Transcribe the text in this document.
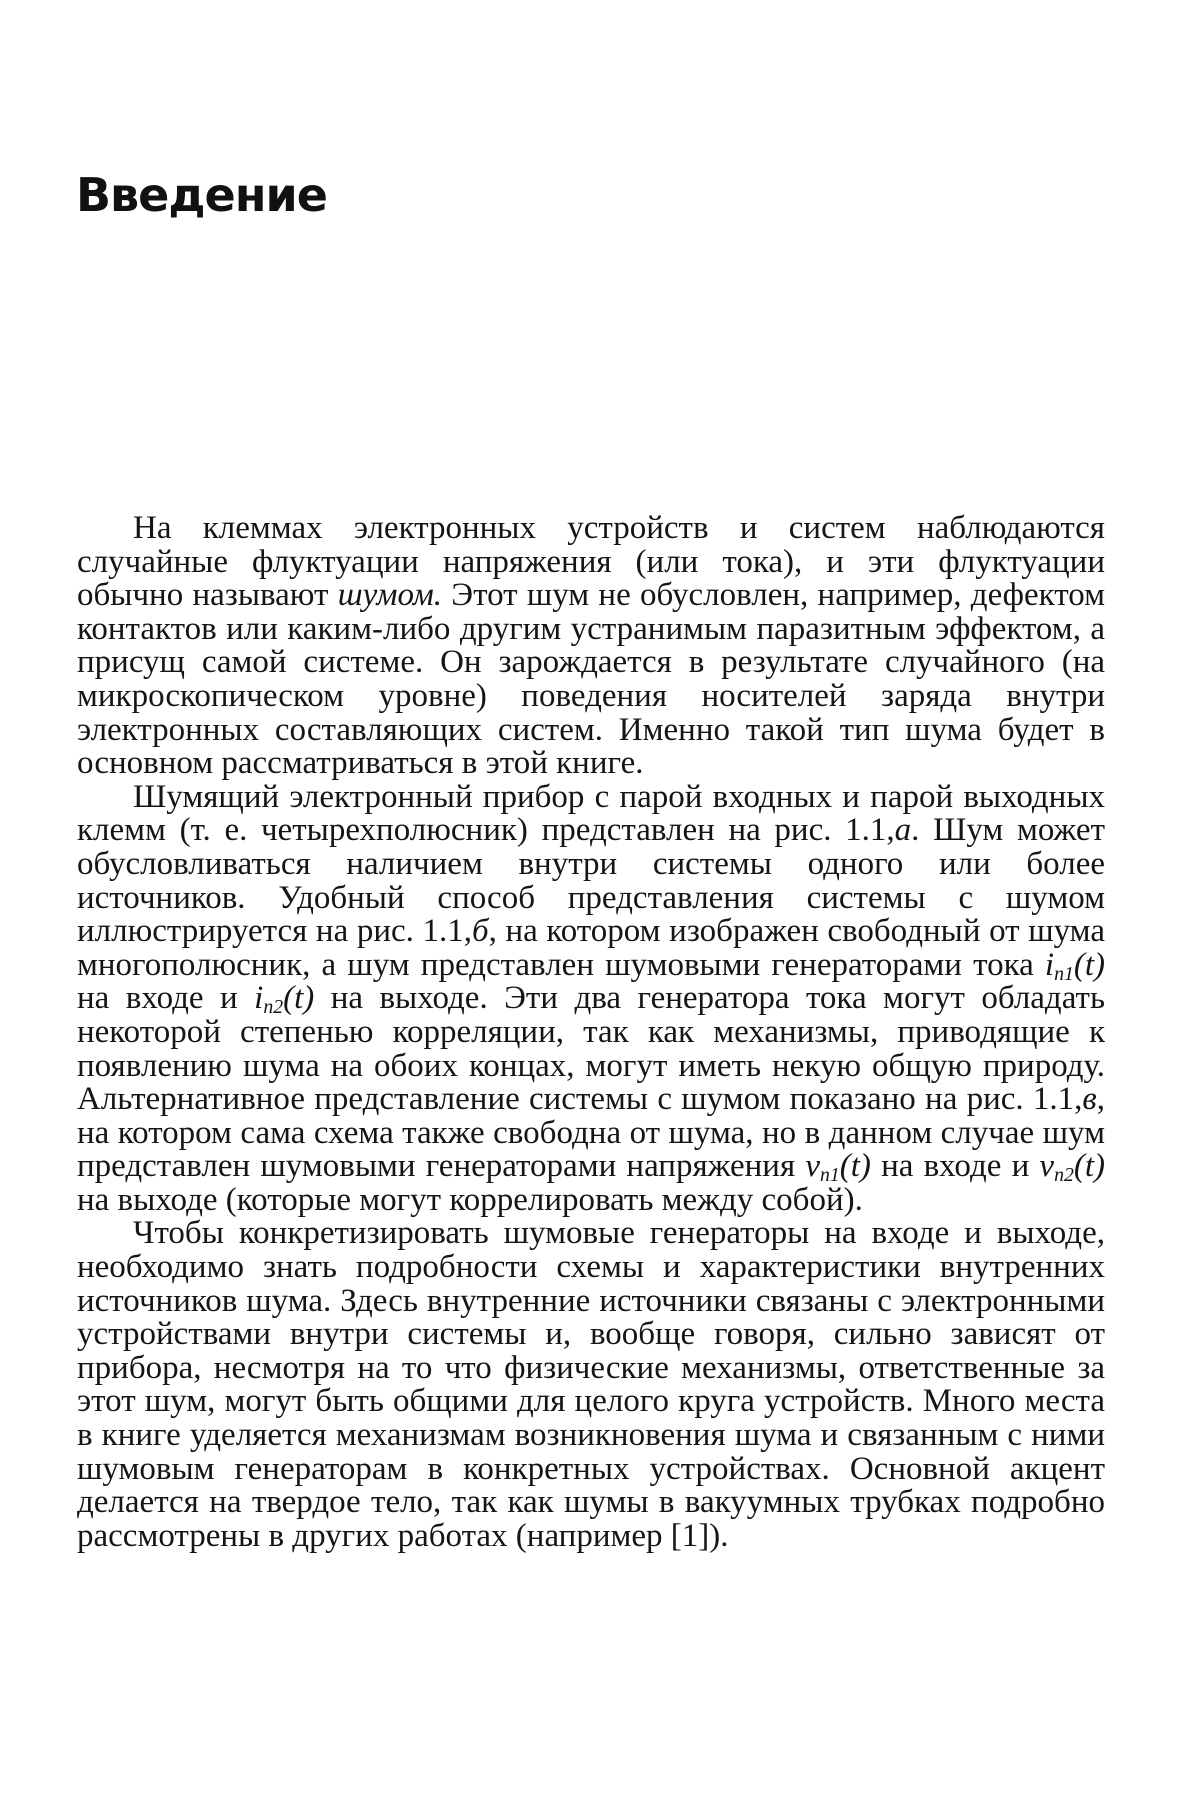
Введение

На клеммах электронных устройств и систем наблюдаются случайные флуктуации напряжения (или тока), и эти флуктуации обычно называют шумом. Этот шум не обусловлен, например, дефектом контактов или каким-либо другим устранимым паразитным эффектом, а присущ самой системе. Он зарождается в результате случайного (на микроскопическом уровне) поведения носителей заряда внутри электронных составляющих систем. Именно такой тип шума будет в основном рассматриваться в этой книге.

Шумящий электронный прибор с парой входных и парой выходных клемм (т. е. четырехполюсник) представлен на рис. 1.1,а. Шум может обусловливаться наличием внутри системы одного или более источников. Удобный способ представления системы с шумом иллюстрируется на рис. 1.1,б, на котором изображен свободный от шума многополюсник, а шум представлен шумовыми генераторами тока $i_{n1}(t)$ на входе и $i_{n2}(t)$ на выходе. Эти два генератора тока могут обладать некоторой степенью корреляции, так как механизмы, приводящие к появлению шума на обоих концах, могут иметь некую общую природу. Альтернативное представление системы с шумом показано на рис. 1.1,в, на котором сама схема также свободна от шума, но в данном случае шум представлен шумовыми генераторами напряжения $v_{n1}(t)$ на входе и $v_{n2}(t)$ на выходе (которые могут коррелировать между собой).

Чтобы конкретизировать шумовые генераторы на входе и выходе, необходимо знать подробности схемы и характеристики внутренних источников шума. Здесь внутренние источники связаны с электронными устройствами внутри системы и, вообще говоря, сильно зависят от прибора, несмотря на то что физические механизмы, ответственные за этот шум, могут быть общими для целого круга устройств. Много места в книге уделяется механизмам возникновения шума и связанным с ними шумовым генераторам в конкретных устройствах. Основной акцент делается на твердое тело, так как шумы в вакуумных трубках подробно рассмотрены в других работах (например [1]).
